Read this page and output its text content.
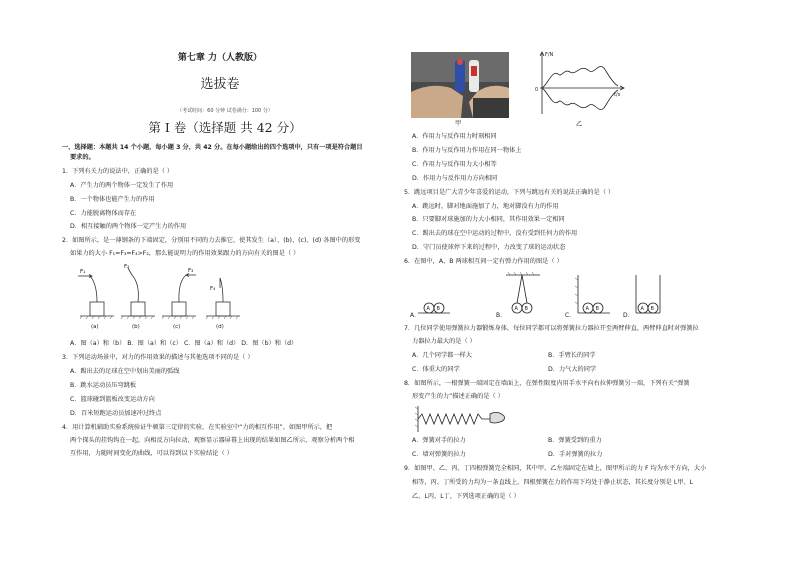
第七章 力（人教版）
选拔卷
（考试时间：60 分钟 试卷满分：100 分）
第 I 卷（选择题 共 42 分）
一、选择题：本题共 14 个小题，每小题 3 分，共 42 分。在每小题给出的四个选项中，只有一项是符合题目
要求的。
1．下列有关力的说法中，正确的是（ ）
A．产生力的两个物体一定发生了作用
B．一个物体也能产生力的作用
C．力能脱离物体而存在
D．相互接触的两个物体一定产生力的作用
2．如图所示，是一薄钢条的下端固定，分别用不同的力去推它，使其发生（a）、(b)、(c)、(d) 各图中的形变
如果力的大小 F₁=F₃=F₄>F₂，那么能说明力的作用效果跟力的方向有关的图是（ ）
F₁
F₂
F₃
F₄
(a)	(b)	(c)	(d)
A．图（a）和（b） B．图（a）和（c） C．图（a）和（d） D．图（b）和（d）
3．下列运动场景中，对力的作用效果的描述与其他选项不同的是（ ）
A．踢出去的足球在空中划出美丽的弧线
B．跳水运动员压弯跳板
C．篮球碰到篮板改变运动方向
D．百米短跑运动员加速冲过终点
4．用计算机辅助实验系统验证牛顿第三定律的实验，在实验室中“力的相互作用”。如图甲所示，把
两个探头的挂钩钩在一起，向相反方向拉动，观察显示器屏幕上出现的结果如图乙所示，观察分析两个相
互作用，力随时间变化的曲线，可以得到以下实验结论（ ）
甲
F/N
0
t/s
乙
A．作用力与反作用力时刻相同
B．作用力与反作用力作用在同一物体上
C．作用力与反作用力大小相等
D．作用力与反作用力方向相同
5．跳远项目是广大青少年喜爱的运动，下列与跳远有关的说法正确的是（ ）
A．跳远时，脚对地面施加了力，地对脚没有力的作用
B．只要脚对球施加的力大小相同，其作用效果一定相同
C．踢出去的球在空中运动的过程中，没有受到任何力的作用
D．守门员使球停下来的过程中，力改变了球的运动状态
6．在图中，A、B 两球相互间一定有弹力作用的图是（ ）
A B	A B	A B	A B
A．	B．	C．	D．
7．几位同学使用弹簧拉力器锻炼身体，每位同学都可以将弹簧拉力器拉开至两臂伸直，两臂伸直时对弹簧拉
力器拉力最大的是（ ）
A．几个同学都一样大	B．手臂长的同学
C．体重大的同学	D．力气大的同学
8．如图所示，一根弹簧一端固定在墙面上，在弹性限度内用手水平向右拉伸弹簧另一端，下列有关“弹簧
形变产生的力”描述正确的是（ ）
A．弹簧对手的拉力	B．弹簧受到的重力
C．墙对弹簧的拉力	D．手对弹簧的拉力
9．如图甲、乙、丙、丁四根弹簧完全相同，其中甲、乙左端固定在墙上，图甲所示的力 F 均为水平方向，大小
相等，丙、丁所受的力均为一条直线上，四根弹簧在力的作用下均处于静止状态，其长度分别是 L甲、L
乙、L丙、L丁，下列选项正确的是（ ）
